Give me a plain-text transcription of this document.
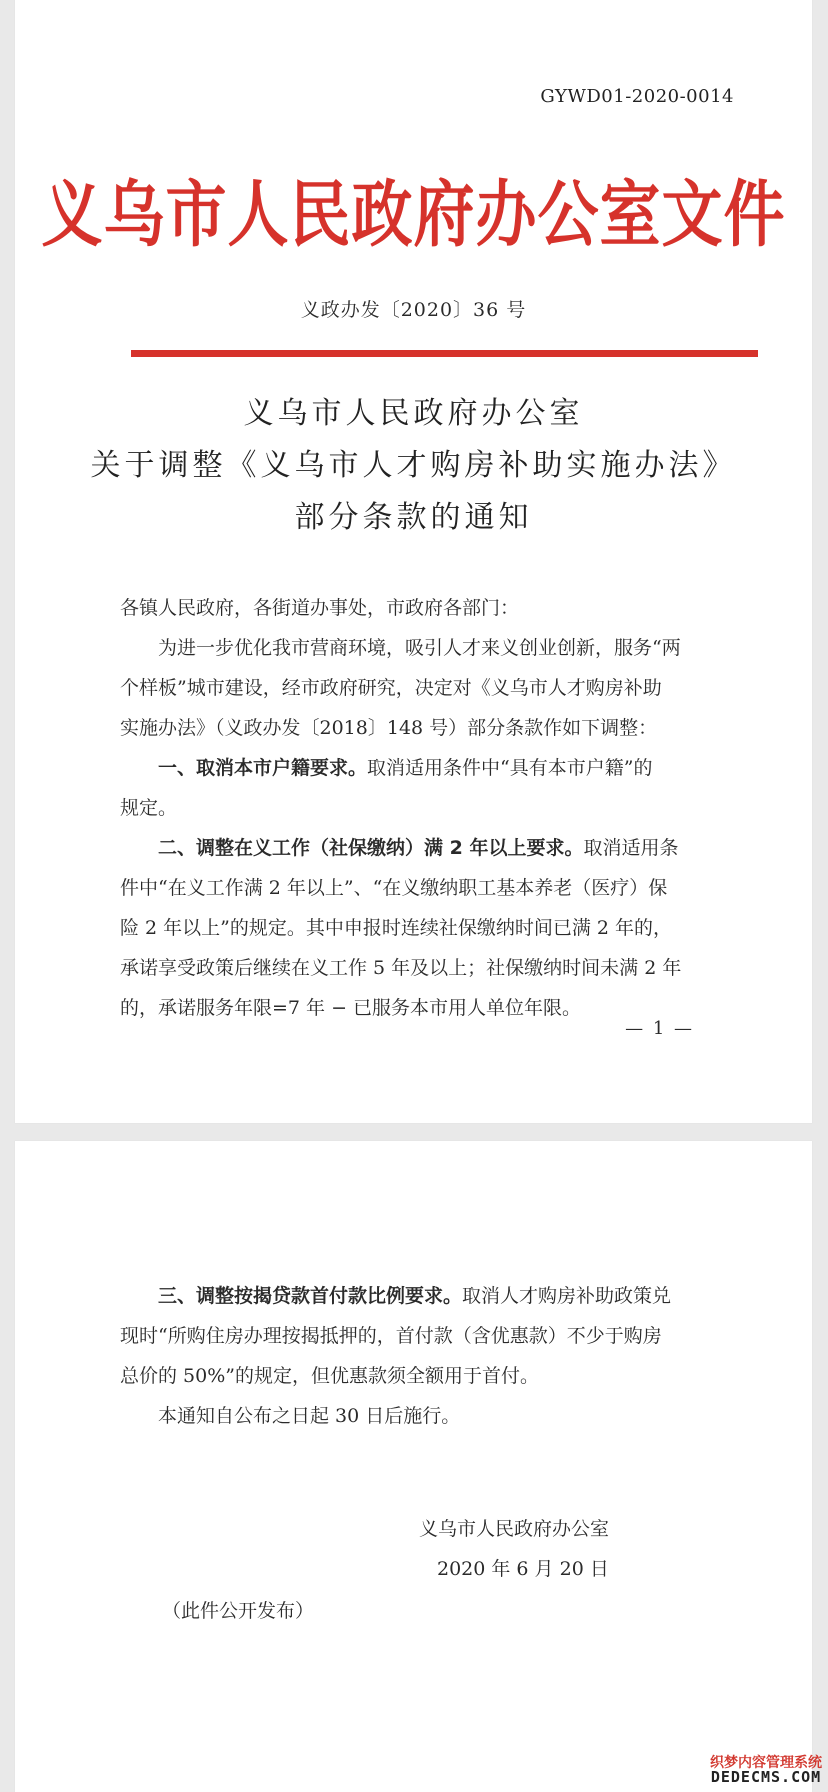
GYWD01-2020-0014
义乌市人民政府办公室文件
义政办发〔2020〕36 号
义乌市人民政府办公室
关于调整《义乌市人才购房补助实施办法》
部分条款的通知
各镇人民政府，各街道办事处，市政府各部门：
为进一步优化我市营商环境，吸引人才来义创业创新，服务“两
个样板”城市建设，经市政府研究，决定对《义乌市人才购房补助
实施办法》（义政办发〔2018〕148 号）部分条款作如下调整：
一、取消本市户籍要求。取消适用条件中“具有本市户籍”的
规定。
二、调整在义工作（社保缴纳）满 2 年以上要求。取消适用条
件中“在义工作满 2 年以上”、“在义缴纳职工基本养老（医疗）保
险 2 年以上”的规定。其中申报时连续社保缴纳时间已满 2 年的，
承诺享受政策后继续在义工作 5 年及以上；社保缴纳时间未满 2 年
的，承诺服务年限=7 年 − 已服务本市用人单位年限。
— 1 —
三、调整按揭贷款首付款比例要求。取消人才购房补助政策兑
现时“所购住房办理按揭抵押的，首付款（含优惠款）不少于购房
总价的 50%”的规定，但优惠款须全额用于首付。
本通知自公布之日起 30 日后施行。
义乌市人民政府办公室
2020 年 6 月 20 日
（此件公开发布）
织梦内容管理系统
DEDECMS.COM
